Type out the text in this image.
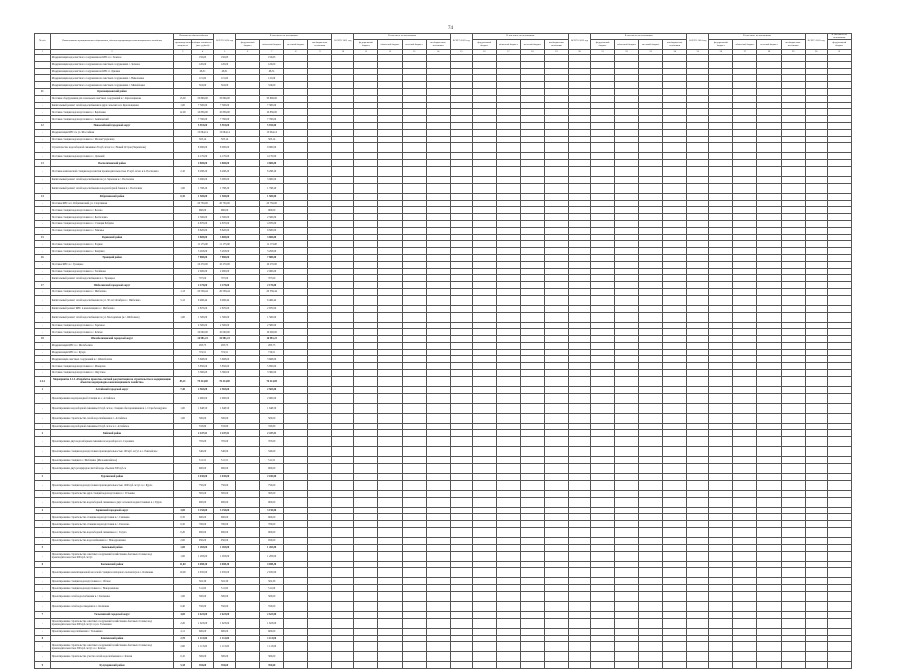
74
№ п/п	Наименование муниципального образования, объекта водопроводно-канализационного хозяйства	Показатели объекта/объекта		ВСЕГО 2020 год	В том числе по источникам				ВСЕГО 2021 год	В том числе по источникам				ВСЕГО 2022 год	В том числе по источникам				ВСЕГО 2023 год	В том числе по источникам				ВСЕГО 2024 год	В том числе по источникам				ВСЕГО 2025 год	В том числе по источникам
		производственная мощность	общая стоимость (тыс. рублей)		федеральный бюджет	областной бюджет	местный бюджет	внебюджетные источники		федеральный бюджет	областной бюджет	местный бюджет	внебюджетные источники		федеральный бюджет	областной бюджет	местный бюджет	внебюджетные источники		федеральный бюджет	областной бюджет	местный бюджет	внебюджетные источники		федеральный бюджет	областной бюджет	местный бюджет	внебюджетные источники		федеральный бюджет
1	2	3	4	5	6	7	8	9	10	11	12	13	14	15	16	17	18	19	20	21	22	23	24	25	26	27	28	29	30	31
	Модернизация водоочистного сооружения на КНС в с. Зеленое		150,63	150,63		150,63																								
	Модернизация водоочистного сооружения на очистных сооружениях с. Зеленое		120,00	120,00		120,00																								
	Модернизация водоочистного сооружения на КНС п. Луковка		48,51	48,51		48,51																								
	Модернизация водоочистного сооружения на очистных сооружениях с. Николаевка		115,00	115,00		115,00																								
	Модернизация водоочистного сооружения на очистных сооружениях с. Михайловка		316,00	316,00		316,00																								
11	Краснощековский район																													
-	Поставка оборудования для локальных очистных сооружений в с. Краснощеково	13,00	33 806,00	33 806,00		33 806,00																								
-	Капитальный ремонт сетей водоснабжения в двух сельских н.п. Краснощеково	1,00	7 300,00	7 300,00		7 300,00																								
-	Поставка станции водоподготовки в с. Берёзовка	12,00	10 836,00	10 836,00		10 836,00																								
-	Поставка станции водоподготовки в с. Акимовский		7 760,00	7 760,00		7 760,00																								
12	Новоалейский городской округ		5 910,00	5 910,00		5 910,00																								
-	Модернизация КНС по ул. Шоссейная		13 064,14	13 064,14		13 064,14																								
-	Поставка станции водоподготовки в с. Малая Гундалица		503,14	503,14		503,14																								
-	Строительство водозаборной скважины 25 куб. м/час в с. Новый Остров (Черемхово)		8 000,00	8 000,00		8 000,00																								
-	Поставка станции водоподготовки в с. Дальний		4 170,00	4 170,00		4 170,00																								
13	Поспелихинский район		4 800,00	4 800,00		4 800,00																								
-	Поставка комплексной станции водоочистки производительностью 25 куб. м/час в п. Поспелиха	2,10	6 298,20	6 298,20		6 298,20																								
-	Капитальный ремонт сетей водоснабжения по ул. Заречная в с. Поспелиха		3 000,00	3 000,00		3 000,00																								
-	Капитальный ремонт сетей водоснабжения и водозаборной башни в с. Поспелиха	1,00	1 798,20	1 798,20		1 798,20																								
14	Ребрихинский район	0,35	1 500,00	1 500,00		1 500,00																								
-	Поставка КНС в п. Ребрихинский, ул. Спортивная		20 730,00	20 730,00		20 730,00																								
-	Поставка станции водоподготовки в с. Белово		960,00	960,00		960,00																								
-	Поставка станции водоподготовки в с. Беспаловка		2 500,00	2 500,00		2 500,00																								
-	Поставка станции водоподготовки в с. Станция Ребриха		4 870,00	4 870,00		4 870,00																								
-	Поставка станции водоподготовки в с. Зимовье		8 820,00	8 820,00		8 820,00																								
15	Родинский район		3 800,00	3 800,00		3 800,00																								
-	Поставка станции водоподготовки в с. Родино		11 173,00	11 173,00		11 173,00																								
-	Поставка станции водоподготовки в с. Каяушка		3 293,00	3 293,00		3 293,00																								
16	Троицкий район		7 880,00	7 880,00		7 880,00																								
-	Поставка КНС в с. Троицкое		10 270,00	10 270,00		10 270,00																								
-	Поставка станции водоподготовки в с. Загайново		2 000,00	2 000,00		2 000,00																								
-	Капитальный ремонт сетей водоснабжения в с. Троицкое		707,00	707,00		707,00																								
17	Шебалинский городской округ		2 170,00	2 170,00		2 170,00																								
-	Поставка станции водоподготовки в с. Шебалино	1,13	20 536,44	20 536,44		20 536,44																								
-	Капитальный ремонт сетей водоснабжения по ул. 30 лет Октября в с. Шебалино	5,12	6 466,44	6 466,44		6 466,44																								
-	Капитальный ремонт КНС и канализации в с. Шебалино		2 870,00	2 870,00		2 870,00																								
-	Капитальный ремонт сетей водоснабжения по ул. Молодежная (в с. Шебалино)	1,00	1 500,00	1 500,00		1 500,00																								
-	Поставка станции водоподготовки в с. Заречное		2 300,00	2 300,00		2 300,00																								
-	Поставка станции водоподготовки в с. Ключи		10 000,00	10 000,00		10 000,00																								
18	Шелаболихинский городской округ		16 981,23	16 981,23		16 981,23																								
-	Модернизация КНС в с. Шелаболиха		283,75	283,75		283,75																								
-	Модернизация КНС в с. Кучук		719,51	719,51		719,51																								
-	Модернизация очистных сооружений в с. Шелаболиха		3 608,00	3 608,00		3 608,00																								
-	Поставка станции водоподготовки в с. Макарово		5 850,00	5 850,00		5 850,00																								
-	Поставка станции водоподготовки в с. Омутское		3 360,00	3 360,00		3 360,00																								
2.2.2	Мероприятие 4.1.4 «Разработка проектно-сметной документации на строительство и модернизацию объектов водопроводно-канализационного хозяйства»	83,21	79 414,00	76 414,00		76 414,00																								
1	Алтайский городской округ	7,40	2 565,00	2 565,00		2 565,00																								
-	Проектирование водопроводной станции на с. Алтайское		2 900,00	2 900,00		2 900,00																								
-	Проектирование водозаборной скважины 10 куб. м/час, станции обеззараживания в с. Старобелокуриха	1,00	1 648,50	1 648,50		1 648,50																								
-	Проектирование строительства сетей водоснабжения в с. Алтайское	1,00	500,00	500,00		500,00																								
-	Проектирование водозаборной скважины 16 куб. м/час в с. Алтайское		333,80	333,80		333,80																								
2	Бийский район		2 447,51	2 447,51		2 447,51																								
-	Проектирование двух водозаборных скважин на водозаборе в п. Сорокино		705,00	705,00		705,00																								
-	Проектирование станции водоподготовки производительностью 100 куб. м/сут. в с. Енисейское		540,00	540,00		540,00																								
-	Проектирование станции в с. Шебалино (Малоенисейское)		511,51	511,51		511,51																								
-	Проектирование двух резервуаров чистой воды объемом 500 куб. м		600,00	600,00		600,00																								
3	Бурлинский район		2 045,00	2 045,00		2 045,00																								
-	Проектирование станции водоподготовки производительностью 1200 куб. м/сут. в с. Бурла		750,00	750,00		750,00																								
-	Проектирование строительства двух станций водоподготовки в с. Устьянка		395,00	395,00		395,00																								
-	Проектирование строительства водозаборной скважины в двух сельских водоисточниках в с. Бурла		900,00	900,00		900,00																								
4	Заринский городской округ	3,00	3 150,00	3 150,00		3 150,00																								
-	Проектирование строительства станции водоподготовки в с. Смазнево	0,35	600,00	600,00		600,00																								
-	Проектирование строительства станции водоподготовки в с. Гонохово	0,45	700,00	700,00		700,00																								
-	Проектирование строительства водозаборной скважины в с. Голуха	0,20	900,00	900,00		900,00																								
-	Проектирование строительства водоснабжения в с. Новодраченино	2,00	950,00	950,00		950,00																								
5	Зональный район	1,00	1 283,00	1 283,00		1 283,00																								
-	Проектирование строительства очистных сооружений хозяйственно-бытовых сточных вод производительностью 600 куб. м/сут.	1,00	1 283,00	1 283,00		1 283,00																								
6	Калманский район	11,00	4 698,30	4 698,30		4 698,30																								
-	Проектирование канализационной насосной станции и напорного коллектора в с. Калманка	10,00	2 635,00	2 635,00		2 635,00																								
-	Проектирование станции водоподготовки в с. Обское		502,30	502,30		502,30																								
-	Проектирование станции водоподготовки в с. Новороманово		511,00	511,00		511,00																								
-	Проектирование сетей водоснабжения в с. Калманка	1,00	500,00	500,00		500,00																								
-	Проектирование сетей водоотведения в с. Калманка	0,40	550,00	550,00		550,00																								
7	Тальменский городской округ	4,00	2 623,00	2 623,00		2 623,00																								
-	Проектирование строительства очистных сооружений хозяйственно-бытовых сточных вод производительностью 600 куб. м/сут. в р.п. Тальменка	2,20	1 623,00	1 623,00		1 623,00																								
-	Проектирование водоснабжения с. Тальменка	2,11	600,00	600,00		600,00																								
8	Ключевский район	2,70	1 113,00	1 113,00		1 113,00																								
-	Проектирование строительства очистных сооружений хозяйственно-бытовых сточных вод производительностью 300 куб. м/сут. в с. Ключи	2,60	1 113,00	1 113,00		1 113,00																								
-	Проектирование строительства участка сетей водоснабжения в с. Ключи	0,10	300,00	300,00		300,00																								
9	Кулундинский район	5,18	394,60	394,60		394,60																								
